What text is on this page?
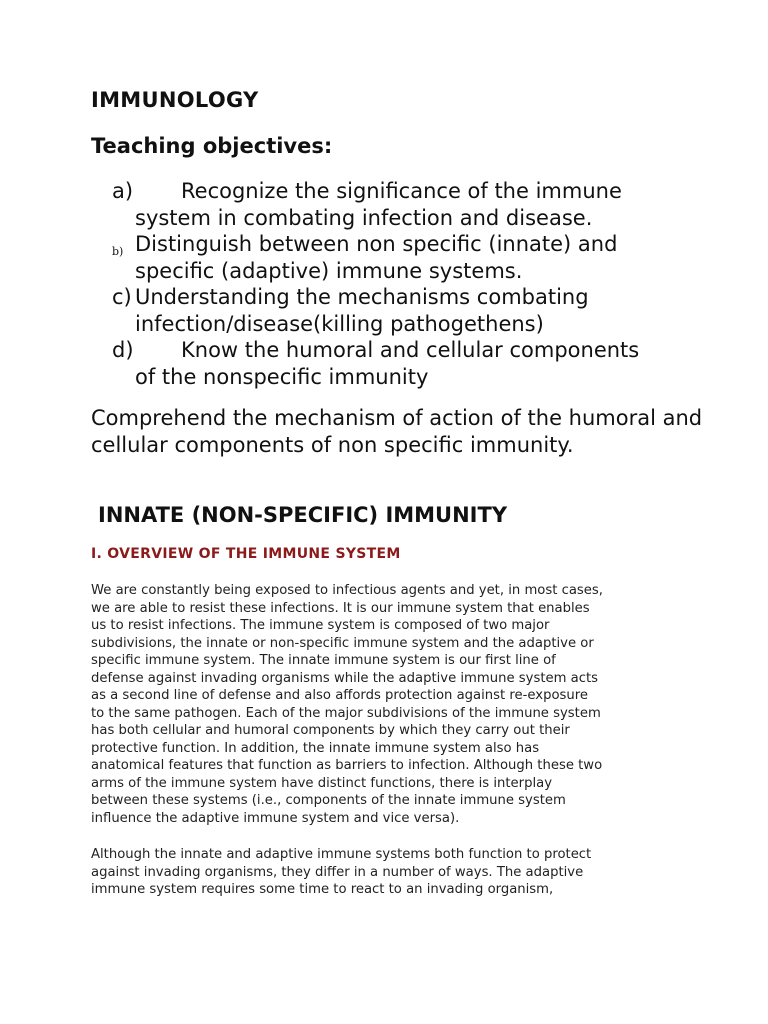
IMMUNOLOGY
Teaching objectives:
a) Recognize the significance of the immune
system in combating infection and disease.
b) Distinguish between non specific (innate) and
specific (adaptive) immune systems.
c) Understanding the mechanisms combating
infection/disease(killing pathogethens)
d) Know the humoral and cellular components
of the nonspecific immunity
Comprehend the mechanism of action of the humoral and cellular components of non specific immunity.
INNATE (NON-SPECIFIC) IMMUNITY
I. OVERVIEW OF THE IMMUNE SYSTEM
We are constantly being exposed to infectious agents and yet, in most cases,
we are able to resist these infections. It is our immune system that enables
us to resist infections. The immune system is composed of two major
subdivisions, the innate or non-specific immune system and the adaptive or
specific immune system. The innate immune system is our first line of
defense against invading organisms while the adaptive immune system acts
as a second line of defense and also affords protection against re-exposure
to the same pathogen. Each of the major subdivisions of the immune system
has both cellular and humoral components by which they carry out their
protective function. In addition, the innate immune system also has
anatomical features that function as barriers to infection. Although these two
arms of the immune system have distinct functions, there is interplay
between these systems (i.e., components of the innate immune system
influence the adaptive immune system and vice versa).
Although the innate and adaptive immune systems both function to protect
against invading organisms, they differ in a number of ways. The adaptive
immune system requires some time to react to an invading organism,
